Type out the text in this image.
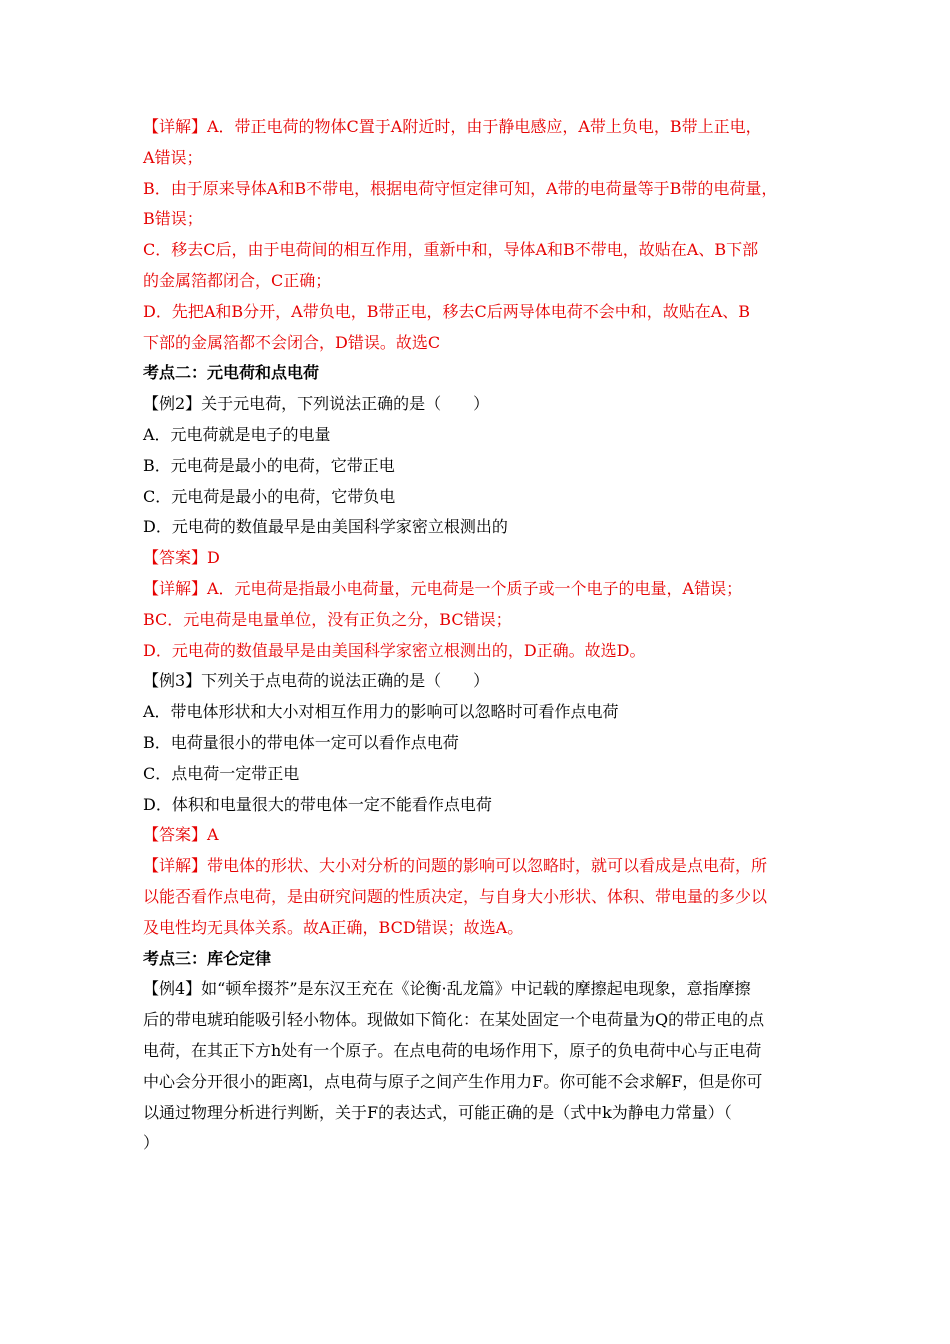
【详解】A．带正电荷的物体C置于A附近时，由于静电感应，A带上负电，B带上正电，
A错误；
B．由于原来导体A和B不带电，根据电荷守恒定律可知，A带的电荷量等于B带的电荷量，
B错误；
C．移去C后，由于电荷间的相互作用，重新中和，导体A和B不带电，故贴在A、B下部
的金属箔都闭合，C正确；
D．先把A和B分开，A带负电，B带正电，移去C后两导体电荷不会中和，故贴在A、B
下部的金属箔都不会闭合，D错误。故选C
考点二：元电荷和点电荷
【例2】关于元电荷，下列说法正确的是（　　）
A．元电荷就是电子的电量
B．元电荷是最小的电荷，它带正电
C．元电荷是最小的电荷，它带负电
D．元电荷的数值最早是由美国科学家密立根测出的
【答案】D
【详解】A．元电荷是指最小电荷量，元电荷是一个质子或一个电子的电量，A错误；
BC．元电荷是电量单位，没有正负之分，BC错误；
D．元电荷的数值最早是由美国科学家密立根测出的，D正确。故选D。
【例3】下列关于点电荷的说法正确的是（　　）
A．带电体形状和大小对相互作用力的影响可以忽略时可看作点电荷
B．电荷量很小的带电体一定可以看作点电荷
C．点电荷一定带正电
D．体积和电量很大的带电体一定不能看作点电荷
【答案】A
【详解】带电体的形状、大小对分析的问题的影响可以忽略时，就可以看成是点电荷，所
以能否看作点电荷，是由研究问题的性质决定，与自身大小形状、体积、带电量的多少以
及电性均无具体关系。故A正确，BCD错误；故选A。
考点三：库仑定律
【例4】如“顿牟掇芥”是东汉王充在《论衡·乱龙篇》中记载的摩擦起电现象，意指摩擦
后的带电琥珀能吸引轻小物体。现做如下简化：在某处固定一个电荷量为Q的带正电的点
电荷，在其正下方h处有一个原子。在点电荷的电场作用下，原子的负电荷中心与正电荷
中心会分开很小的距离l，点电荷与原子之间产生作用力F。你可能不会求解F，但是你可
以通过物理分析进行判断，关于F的表达式，可能正确的是（式中k为静电力常量）（
）
